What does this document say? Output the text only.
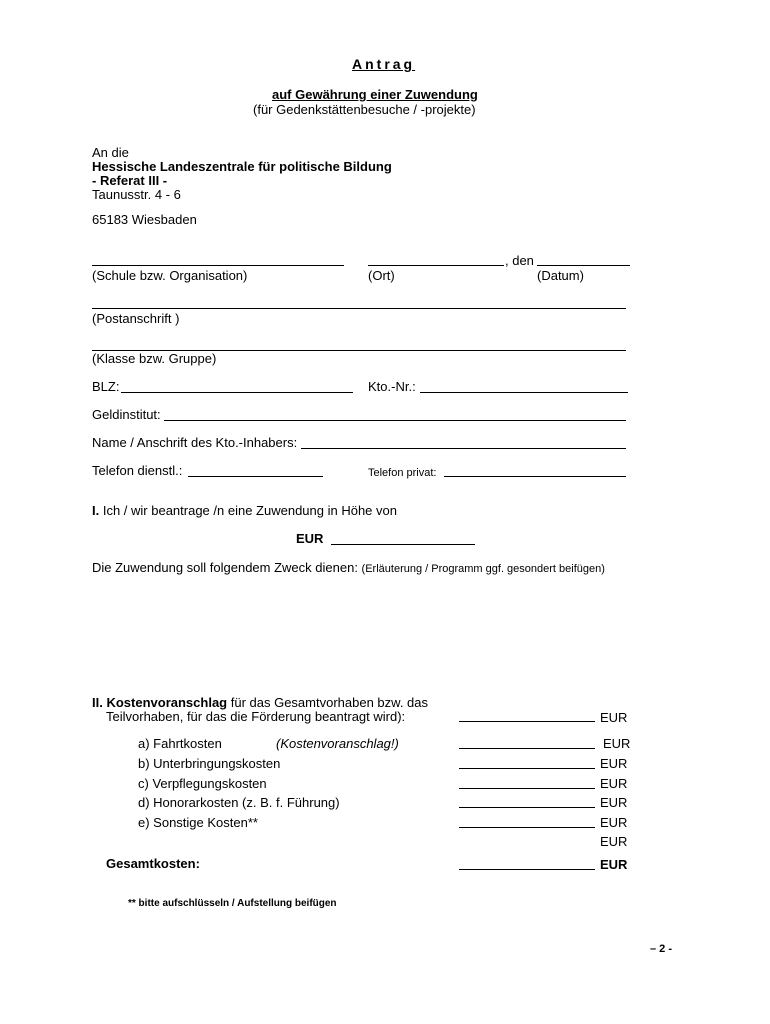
Antrag
auf Gewährung einer Zuwendung
(für Gedenkstättenbesuche / -projekte)
An die
Hessische Landeszentrale für politische Bildung
- Referat III -
Taunusstr. 4 - 6
65183 Wiesbaden
, den
(Schule bzw. Organisation)	(Ort)	(Datum)
(Postanschrift )
(Klasse bzw. Gruppe)
BLZ:	Kto.-Nr.:
Geldinstitut:
Name / Anschrift des Kto.-Inhabers:
Telefon dienstl.:	Telefon privat:
I. Ich / wir beantrage /n eine Zuwendung in Höhe von
EUR
Die Zuwendung soll folgendem Zweck dienen: (Erläuterung / Programm ggf. gesondert beifügen)
II. Kostenvoranschlag für das Gesamtvorhaben bzw. das
Teilvorhaben, für das die Förderung beantragt wird):	EUR
a) Fahrtkosten	(Kostenvoranschlag!)	EUR
b) Unterbringungskosten	EUR
c) Verpflegungskosten	EUR
d) Honorarkosten (z. B. f. Führung)	EUR
e) Sonstige Kosten**	EUR
EUR
Gesamtkosten:	EUR
** bitte aufschlüsseln / Aufstellung beifügen
– 2 -
